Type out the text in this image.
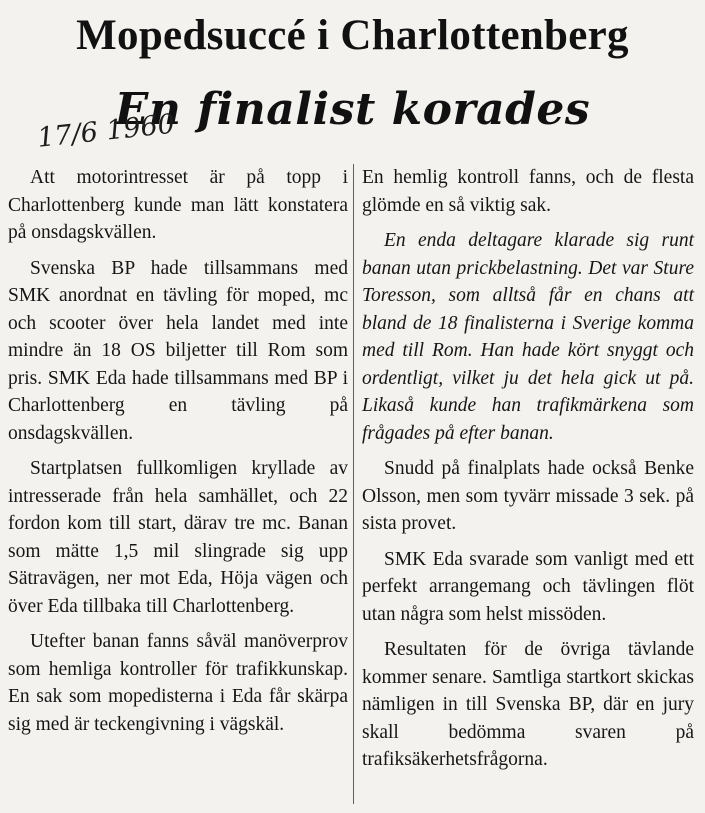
Mopedsuccé i Charlottenberg
En finalist korades
17/6 1960

Att motorintresset är på topp i Charlottenberg kunde man lätt konstatera på onsdagskvällen.

Svenska BP hade tillsammans med SMK anordnat en tävling för moped, mc och scooter över hela landet med inte mindre än 18 OS biljetter till Rom som pris. SMK Eda hade tillsammans med BP i Charlottenberg en tävling på onsdagskvällen.

Startplatsen fullkomligen kryllade av intresserade från hela samhället, och 22 fordon kom till start, därav tre mc. Banan som mätte 1,5 mil slingrade sig upp Sätravägen, ner mot Eda, Höja vägen och över Eda tillbaka till Charlottenberg.

Utefter banan fanns såväl manöverprov som hemliga kontroller för trafikkunskap. En sak som mopedisterna i Eda får skärpa sig med är teckengivning i vägskäl.

En hemlig kontroll fanns, och de flesta glömde en så viktig sak.

En enda deltagare klarade sig runt banan utan prickbelastning. Det var Sture Toresson, som alltså får en chans att bland de 18 finalisterna i Sverige komma med till Rom. Han hade kört snyggt och ordentligt, vilket ju det hela gick ut på. Likaså kunde han trafikmärkena som frågades på efter banan.

Snudd på finalplats hade också Benke Olsson, men som tyvärr missade 3 sek. på sista provet.

SMK Eda svarade som vanligt med ett perfekt arrangemang och tävlingen flöt utan några som helst missöden.

Resultaten för de övriga tävlande kommer senare. Samtliga startkort skickas nämligen in till Svenska BP, där en jury skall bedömma svaren på trafiksäkerhetsfrågorna.
